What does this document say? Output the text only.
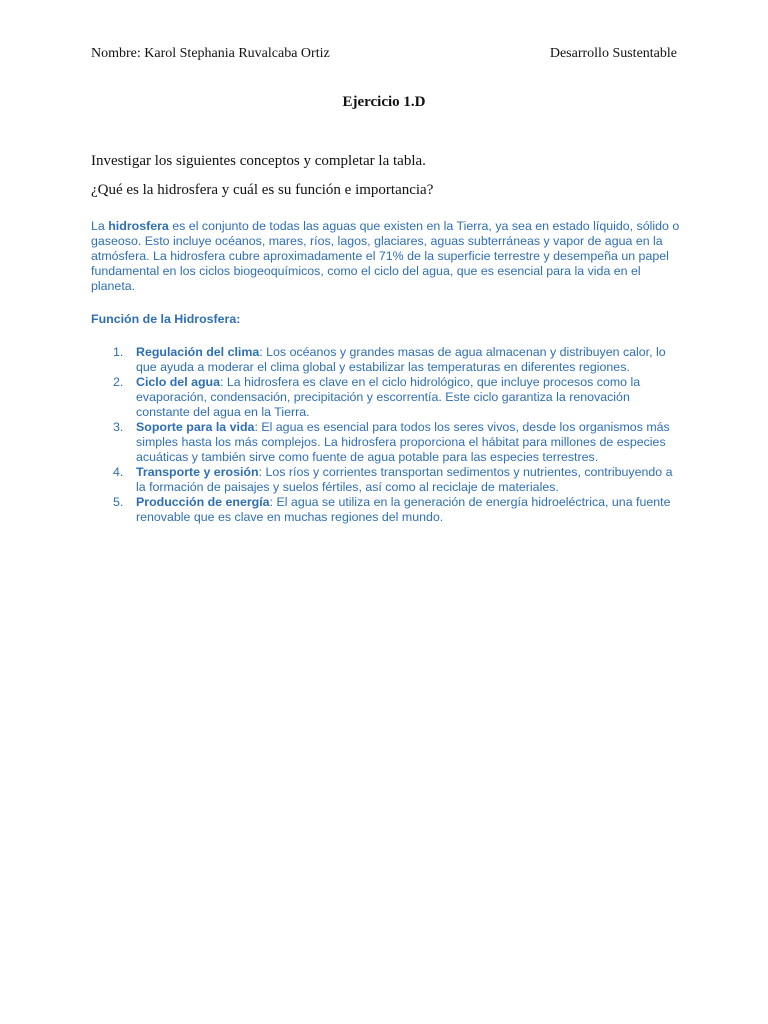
Nombre: Karol Stephania Ruvalcaba Ortiz	Desarrollo Sustentable
Ejercicio 1.D
Investigar los siguientes conceptos y completar la tabla.
¿Qué es la hidrosfera y cuál es su función e importancia?

La hidrosfera es el conjunto de todas las aguas que existen en la Tierra, ya sea en estado líquido, sólido o gaseoso. Esto incluye océanos, mares, ríos, lagos, glaciares, aguas subterráneas y vapor de agua en la atmósfera. La hidrosfera cubre aproximadamente el 71% de la superficie terrestre y desempeña un papel fundamental en los ciclos biogeoquímicos, como el ciclo del agua, que es esencial para la vida en el planeta.

Función de la Hidrosfera:

1. Regulación del clima: Los océanos y grandes masas de agua almacenan y distribuyen calor, lo que ayuda a moderar el clima global y estabilizar las temperaturas en diferentes regiones.
2. Ciclo del agua: La hidrosfera es clave en el ciclo hidrológico, que incluye procesos como la evaporación, condensación, precipitación y escorrentía. Este ciclo garantiza la renovación constante del agua en la Tierra.
3. Soporte para la vida: El agua es esencial para todos los seres vivos, desde los organismos más simples hasta los más complejos. La hidrosfera proporciona el hábitat para millones de especies acuáticas y también sirve como fuente de agua potable para las especies terrestres.
4. Transporte y erosión: Los ríos y corrientes transportan sedimentos y nutrientes, contribuyendo a la formación de paisajes y suelos fértiles, así como al reciclaje de materiales.
5. Producción de energía: El agua se utiliza en la generación de energía hidroeléctrica, una fuente renovable que es clave en muchas regiones del mundo.
